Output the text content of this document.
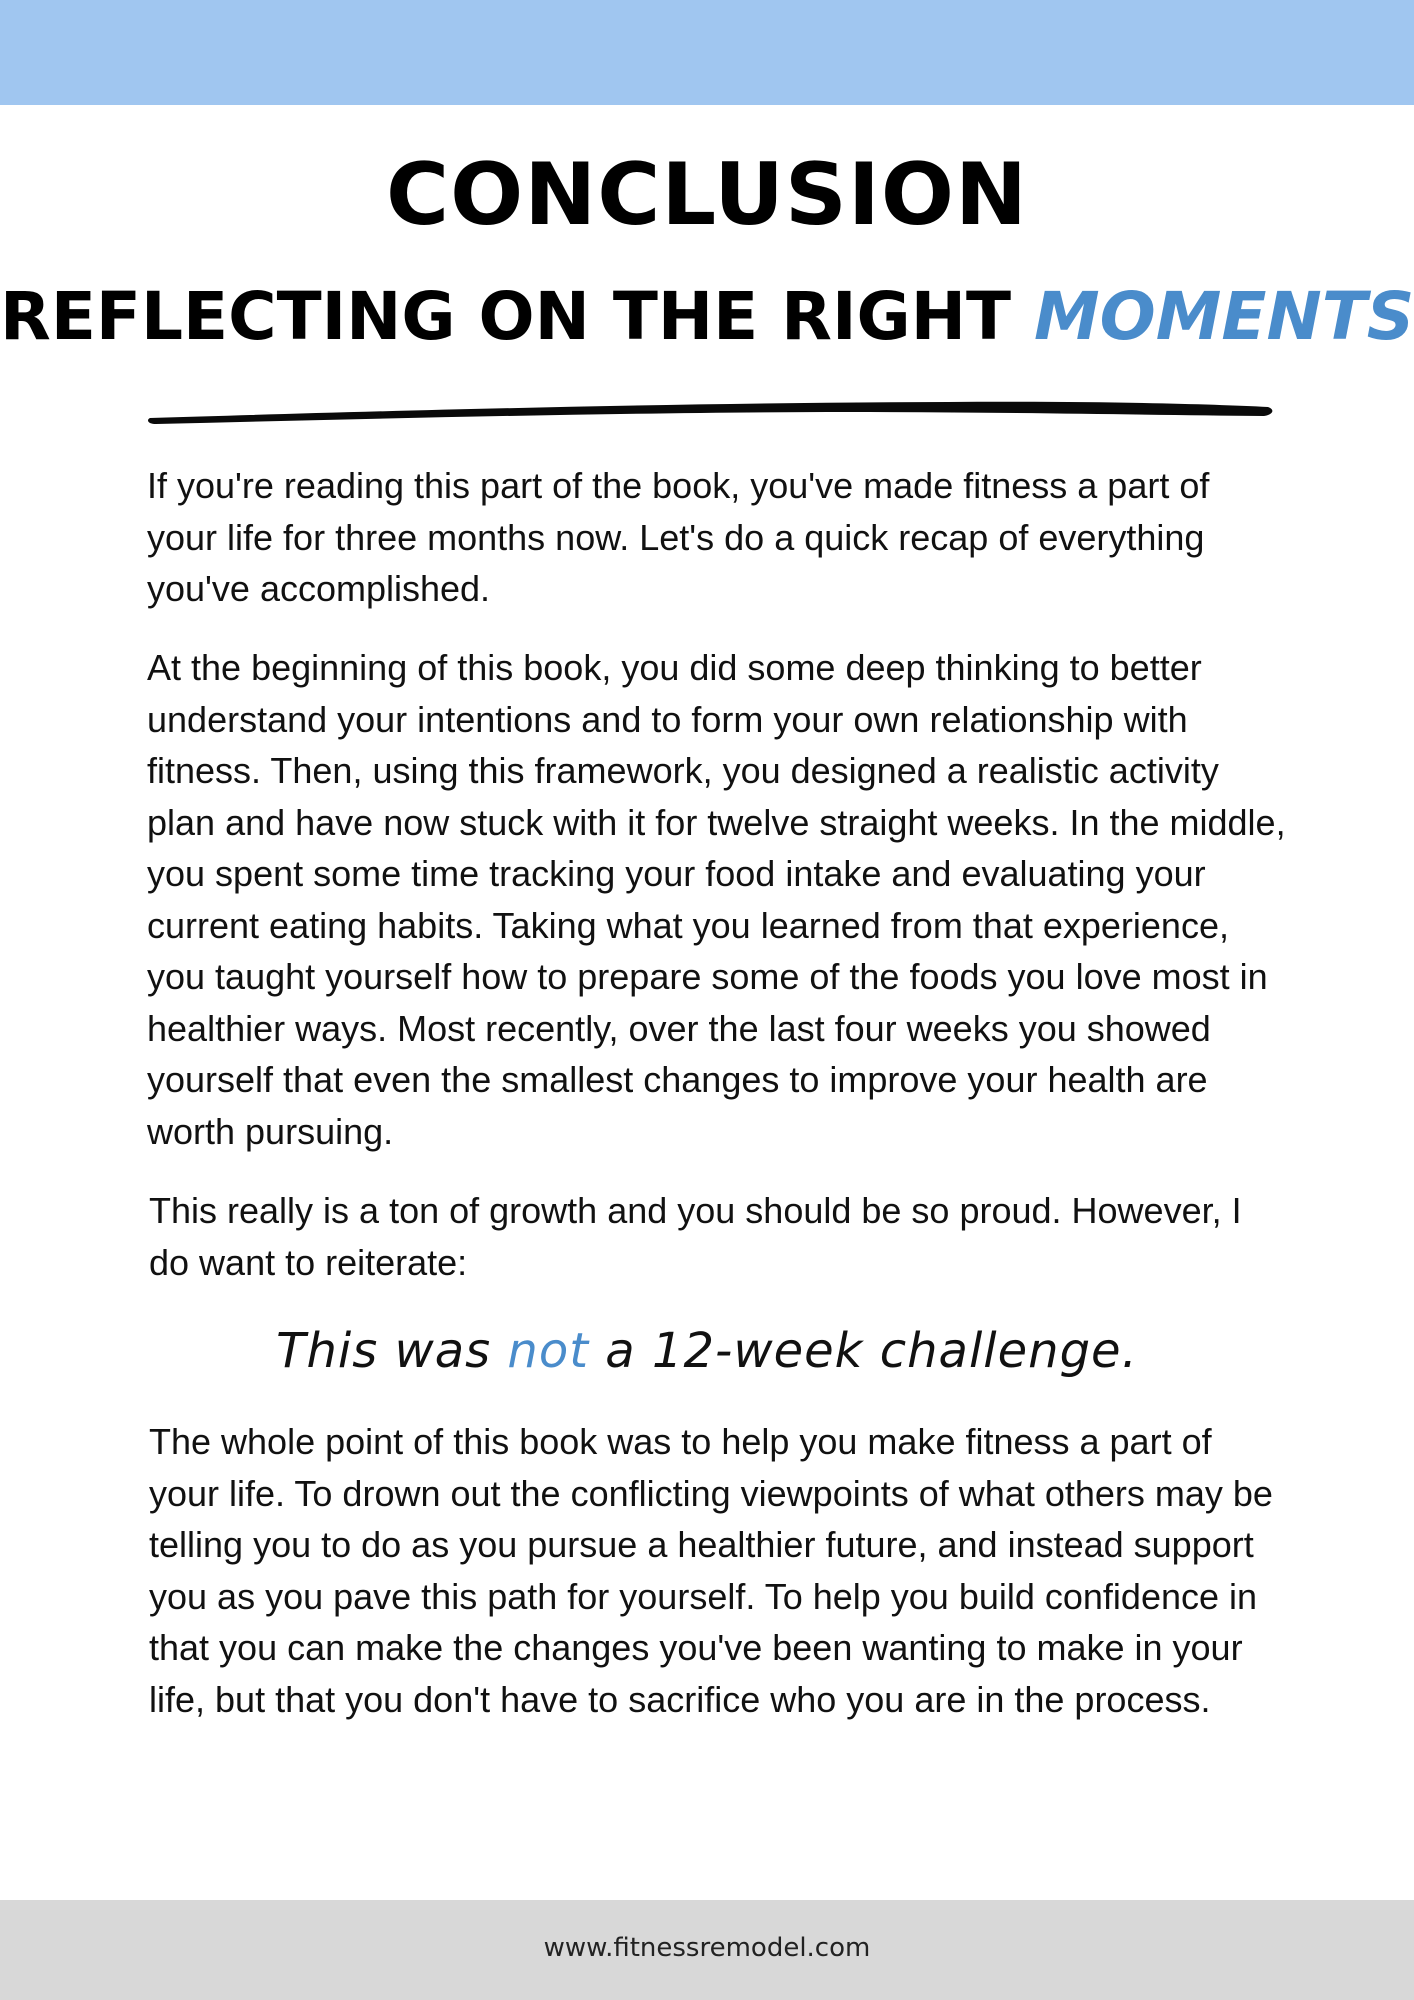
CONCLUSION
REFLECTING ON THE RIGHT MOMENTS

If you're reading this part of the book, you've made fitness a part of your life for three months now. Let's do a quick recap of everything you've accomplished.

At the beginning of this book, you did some deep thinking to better understand your intentions and to form your own relationship with fitness. Then, using this framework, you designed a realistic activity plan and have now stuck with it for twelve straight weeks. In the middle, you spent some time tracking your food intake and evaluating your current eating habits. Taking what you learned from that experience, you taught yourself how to prepare some of the foods you love most in healthier ways. Most recently, over the last four weeks you showed yourself that even the smallest changes to improve your health are worth pursuing.

This really is a ton of growth and you should be so proud. However, I do want to reiterate:

This was not a 12-week challenge.

The whole point of this book was to help you make fitness a part of your life. To drown out the conflicting viewpoints of what others may be telling you to do as you pursue a healthier future, and instead support you as you pave this path for yourself. To help you build confidence in that you can make the changes you've been wanting to make in your life, but that you don't have to sacrifice who you are in the process.

www.fitnessremodel.com
